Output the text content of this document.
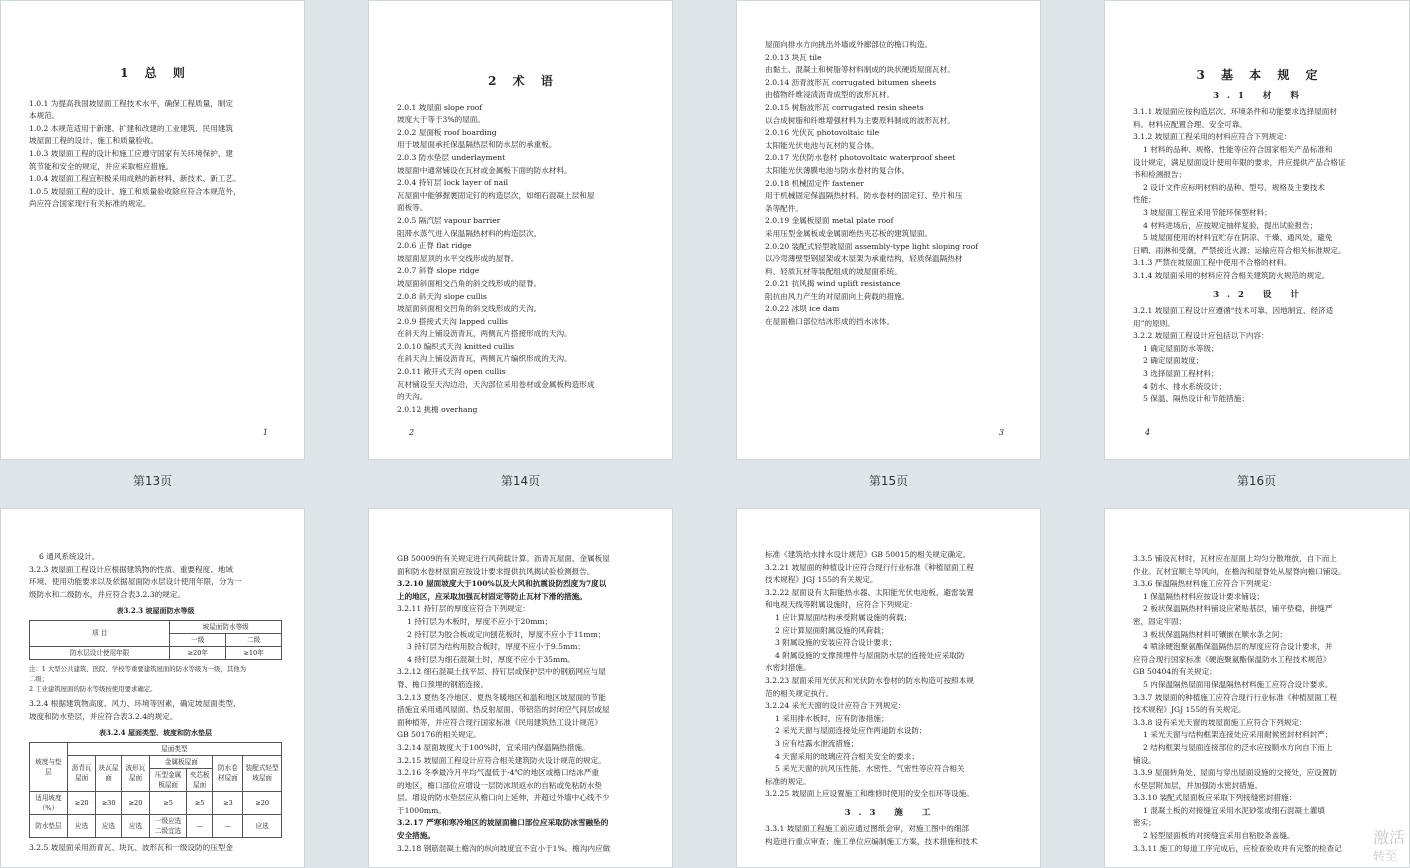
1 总 则
1.0.1 为提高我国坡屋面工程技术水平，确保工程质量，制定
本规范。
1.0.2 本规范适用于新建、扩建和改建的工业建筑、民用建筑
坡屋面工程的设计、施工和质量验收。
1.0.3 坡屋面工程的设计和施工应遵守国家有关环境保护、建
筑节能和安全的规定，并应采取相应措施。
1.0.4 坡屋面工程宜积极采用成熟的新材料、新技术、新工艺。
1.0.5 坡屋面工程的设计、施工和质量验收除应符合本规范外，
尚应符合国家现行有关标准的规定。
1
2 术 语
2.0.1 坡屋面 slope roof
坡度大于等于3%的屋面。
2.0.2 屋面板 roof boarding
用于坡屋面承托保温隔热层和防水层的承重板。
2.0.3 防水垫层 underlayment
坡屋面中通常铺设在瓦材或金属板下面的防水材料。
2.0.4 持钉层 lock layer of nail
瓦屋面中能够握裹固定钉的构造层次，如细石混凝土层和屋
面板等。
2.0.5 隔汽层 vapour barrier
阻滞水蒸气进入保温隔热材料的构造层次。
2.0.6 正脊 flat ridge
坡屋面屋顶的水平交线形成的屋脊。
2.0.7 斜脊 slope ridge
坡屋面斜面相交凸角的斜交线形成的屋脊。
2.0.8 斜天沟 slope cullis
坡屋面斜面相交凹角的斜交线形成的天沟。
2.0.9 搭接式天沟 lapped cullis
在斜天沟上铺设沥青瓦，两侧瓦片搭接形成的天沟。
2.0.10 编织式天沟 knitted cullis
在斜天沟上铺设沥青瓦，两侧瓦片编织形成的天沟。
2.0.11 敞开式天沟 open cullis
瓦材铺设至天沟边沿，天沟部位采用卷材或金属板构造形成
的天沟。
2.0.12 挑檐 overhang
2
屋面向排水方向挑出外墙或外廊部位的檐口构造。
2.0.13 块瓦 tile
由黏土、混凝土和树脂等材料制成的块状硬质屋面瓦材。
2.0.14 沥青波形瓦 corrugated bitumen sheets
由植物纤维浸渍沥青成型的波形瓦材。
2.0.15 树脂波形瓦 corrugated resin sheets
以合成树脂和纤维增强材料为主要原料制成的波形瓦材。
2.0.16 光伏瓦 photovoltaic tile
太阳能光伏电池与瓦材的复合体。
2.0.17 光伏防水卷材 photovoltaic waterproof sheet
太阳能光伏薄膜电池与防水卷材的复合体。
2.0.18 机械固定件 fastener
用于机械固定保温隔热材料、防水卷材的固定钉、垫片和压
条等配件。
2.0.19 金属板屋面 metal plate roof
采用压型金属板或金属面绝热夹芯板的建筑屋面。
2.0.20 装配式轻型坡屋面 assembly-type light sloping roof
以冷弯薄壁型钢屋架或木屋架为承重结构，轻质保温隔热材
料、轻质瓦材等装配组成的坡屋面系统。
2.0.21 抗风揭 wind uplift resistance
阻抗由风力产生的对屋面向上荷载的措施。
2.0.22 冰坝 ice dam
在屋面檐口部位结冰形成的挡水冰体。
3
3 基 本 规 定
3.1 材 料
3.1.1 坡屋面应按构造层次、环境条件和功能要求选择屋面材
料。材料应配置合理、安全可靠。
3.1.2 坡屋面工程采用的材料应符合下列规定：
1 材料的品种、规格、性能等应符合国家相关产品标准和
设计规定，满足屋面设计使用年限的要求，并应提供产品合格证
书和检测报告；
2 设计文件应标明材料的品种、型号、规格及主要技术
性能；
3 坡屋面工程宜采用节能环保型材料；
4 材料进场后，应按规定抽样复验，提出试验报告；
5 坡屋面使用的材料宜贮存在阴凉、干燥、通风处，避免
日晒、雨淋和受潮，严禁接近火源；运输应符合相关标准规定。
3.1.3 严禁在坡屋面工程中使用不合格的材料。
3.1.4 坡屋面采用的材料应符合相关建筑防火规范的规定。
3.2 设 计
3.2.1 坡屋面工程设计应遵循“技术可靠、因地制宜、经济适
用”的原则。
3.2.2 坡屋面工程设计应包括以下内容：
1 确定屋面防水等级；
2 确定屋面坡度；
3 选择屋面工程材料；
4 防水、排水系统设计；
5 保温、隔热设计和节能措施；
4
第13页	第14页	第15页	第16页
6 通风系统设计。
3.2.3 坡屋面工程设计应根据建筑物的性质、重要程度、地域
环境、使用功能要求以及依据屋面防水层设计使用年限，分为一
级防水和二级防水，并应符合表3.2.3的规定。
表3.2.3 坡屋面防水等级
项 目	坡屋面防水等级	
	一级	二级
防水层设计使用年限	≥20年	≥10年
注：1 大型公共建筑、医院、学校等重要建筑屋面的防水等级为一级，其他为
二级；
2 工业建筑屋面的防水等级按使用要求确定。
3.2.4 根据建筑物高度、风力、环境等因素，确定坡屋面类型、
坡度和防水垫层，并应符合表3.2.4的规定。
表3.2.4 屋面类型、坡度和防水垫层
坡度与垫层	屋面类型						
	沥青瓦屋面	块瓦屋面	波形瓦屋面	金属板屋面		防水卷材屋面	装配式轻型坡屋面
				压型金属板屋面	夹芯板屋面		
适用坡度（%）	≥20	≥30	≥20	≥5	≥5	≥3	≥20
防水垫层	应选	应选	应选	一级应选二级宜选	—	—	应选
3.2.5 坡屋面采用沥青瓦、块瓦、波形瓦和一级设防的压型金
GB 50009的有关规定进行风荷载计算。沥青瓦屋面、金属板屋
面和防水卷材屋面应按设计要求提供抗风揭试验检测报告。
3.2.10 屋面坡度大于100%以及大风和抗震设防烈度为7度以
上的地区，应采取加强瓦材固定等防止瓦材下滑的措施。
3.2.11 持钉层的厚度应符合下列规定：
1 持钉层为木板时，厚度不应小于20mm；
2 持钉层为胶合板或定向刨花板时，厚度不应小于11mm；
3 持钉层为结构用胶合板时，厚度不应小于9.5mm；
4 持钉层为细石混凝土时，厚度不应小于35mm。
3.2.12 细石混凝土找平层、持钉层或保护层中的钢筋网应与屋
脊、檐口预埋的钢筋连接。
3.2.13 夏热冬冷地区、夏热冬暖地区和温和地区坡屋面的节能
措施宜采用通风屋面、热反射屋面、带铝箔的封闭空气间层或屋
面种植等，并应符合现行国家标准《民用建筑热工设计规范》
GB 50176的相关规定。
3.2.14 屋面坡度大于100%时，宜采用内保温隔热措施。
3.2.15 坡屋面工程设计应符合相关建筑防火设计规范的规定。
3.2.16 冬季最冷月平均气温低于-4℃的地区或檐口结冰严重
的地区，檐口部位应增设一层防冰坝返水的自粘或免粘防水垫
层。增设的防水垫层应从檐口向上延伸，并超过外墙中心线不少
于1000mm。
3.2.17 严寒和寒冷地区的坡屋面檐口部位应采取防冰雪融坠的
安全措施。
3.2.18 钢筋混凝土檐沟的纵向坡度宜不宜小于1%。檐沟内应做
标准《建筑给水排水设计规范》GB 50015的相关规定确定。
3.2.21 坡屋面的种植设计应符合现行行业标准《种植屋面工程
技术规程》JGJ 155的有关规定。
3.2.22 屋面设有太阳能热水器、太阳能光伏电池板、避雷装置
和电视天线等附属设施时，应符合下列规定：
1 应计算屋面结构承受附属设施的荷载；
2 应计算屋面附属设施的风荷载；
3 附属设施的安装应符合设计要求；
4 附属设施的支撑预埋件与屋面防水层的连接处应采取防
水密封措施。
3.2.23 屋面采用光伏瓦和光伏防水卷材的防水构造可按照本规
范的相关规定执行。
3.2.24 采光天窗的设计应符合下列规定：
1 采用排水板时，应有防渗措施；
2 采光天窗与屋面连接处应作两道防水设防；
3 应有结露水泄流措施；
4 天窗采用的玻璃应符合相关安全的要求；
5 采光天窗的抗风压性能、水密性、气密性等应符合相关
标准的规定。
3.2.25 坡屋面上应设置施工和维修时使用的安全扣环等设施。
3.3 施 工
3.3.1 坡屋面工程施工前应通过图纸会审，对施工图中的细部
构造进行重点审查；施工单位应编制施工方案，技术措施和技术
3.3.5 铺设瓦材时，瓦材应在屋面上均匀分散堆放，自下而上
作业。瓦材宜顺主导风向，在檐沟和屋脊处从屋脊向檐口铺设。
3.3.6 保温隔热材料施工应符合下列规定：
1 保温隔热材料应按设计要求铺设；
2 板状保温隔热材料铺设应紧贴基层，铺平垫稳，拼缝严
密，固定牢固；
3 板状保温隔热材料可镶嵌在顺水条之间；
4 喷涂硬泡聚氨酯保温隔热层的厚度应符合设计要求，并
应符合现行国家标准《硬泡聚氨酯保温防水工程技术规范》
GB 50404的有关规定；
5 内保温隔热屋面用保温隔热材料施工应符合设计要求。
3.3.7 坡屋面的种植施工应符合现行行业标准《种植屋面工程
技术规程》JGJ 155的有关规定。
3.3.8 设有采光天窗的坡屋面施工应符合下列规定：
1 采光天窗与结构框架连接处应采用耐候密封材料封严；
2 结构框架与屋面连接部位的泛水应按顺水方向自下而上
铺设。
3.3.9 屋面转角处、屋面与穿出屋面设施的交接处，应设置防
水垫层附加层，并加强防水密封措施。
3.3.10 装配式屋面板应采取下列接缝密封措施：
1 混凝土板的对接缝宜采用水泥砂浆或细石混凝土灌填
密实；
2 轻型屋面板的对接缝宜采用自粘胶条盖缝。
3.3.11 施工的每道工序完成后，应检查验收并有完整的检查记
激活
转至
